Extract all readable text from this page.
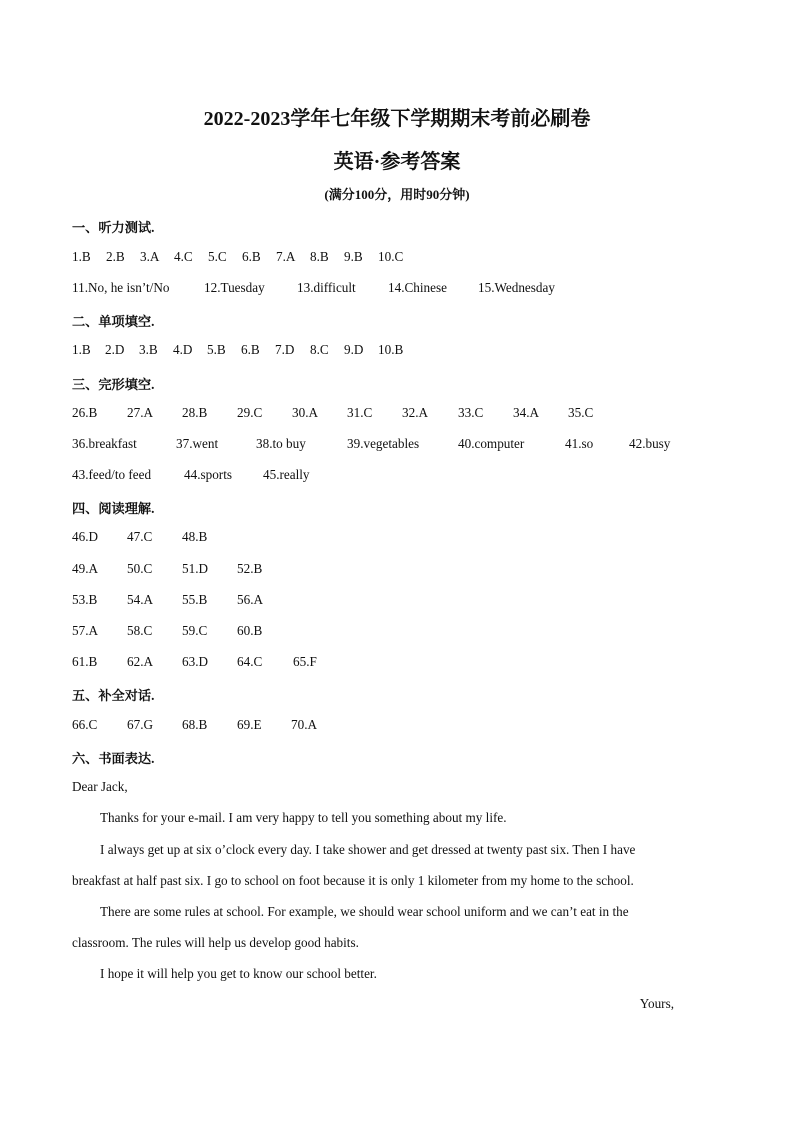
2022-2023学年七年级下学期期末考前必刷卷
英语·参考答案
(满分100分，用时90分钟)
一、听力测试.
1.B 2.B 3.A 4.C 5.C 6.B 7.A 8.B 9.B 10.C
11.No, he isn’t/No	12.Tuesday 13.difficult 14.Chinese 15.Wednesday
二、单项填空.
1.B 2.D 3.B 4.D 5.B 6.B 7.D 8.C 9.D 10.B
三、完形填空.
26.B 27.A 28.B 29.C 30.A 31.C 32.A 33.C 34.A 35.C
36.breakfast	37.went	38.to buy	39.vegetables	40.computer	41.so	42.busy
43.feed/to feed 44.sports 45.really
四、阅读理解.
46.D 47.C 48.B
49.A 50.C 51.D 52.B
53.B 54.A 55.B 56.A
57.A 58.C 59.C 60.B
61.B 62.A 63.D 64.C 65.F
五、补全对话.
66.C 67.G 68.B 69.E 70.A
六、书面表达.
Dear Jack,
Thanks for your e-mail. I am very happy to tell you something about my life.
I always get up at six o’clock every day. I take shower and get dressed at twenty past six. Then I have
breakfast at half past six. I go to school on foot because it is only 1 kilometer from my home to the school.
There are some rules at school. For example, we should wear school uniform and we can’t eat in the
classroom. The rules will help us develop good habits.
I hope it will help you get to know our school better.
Yours,
